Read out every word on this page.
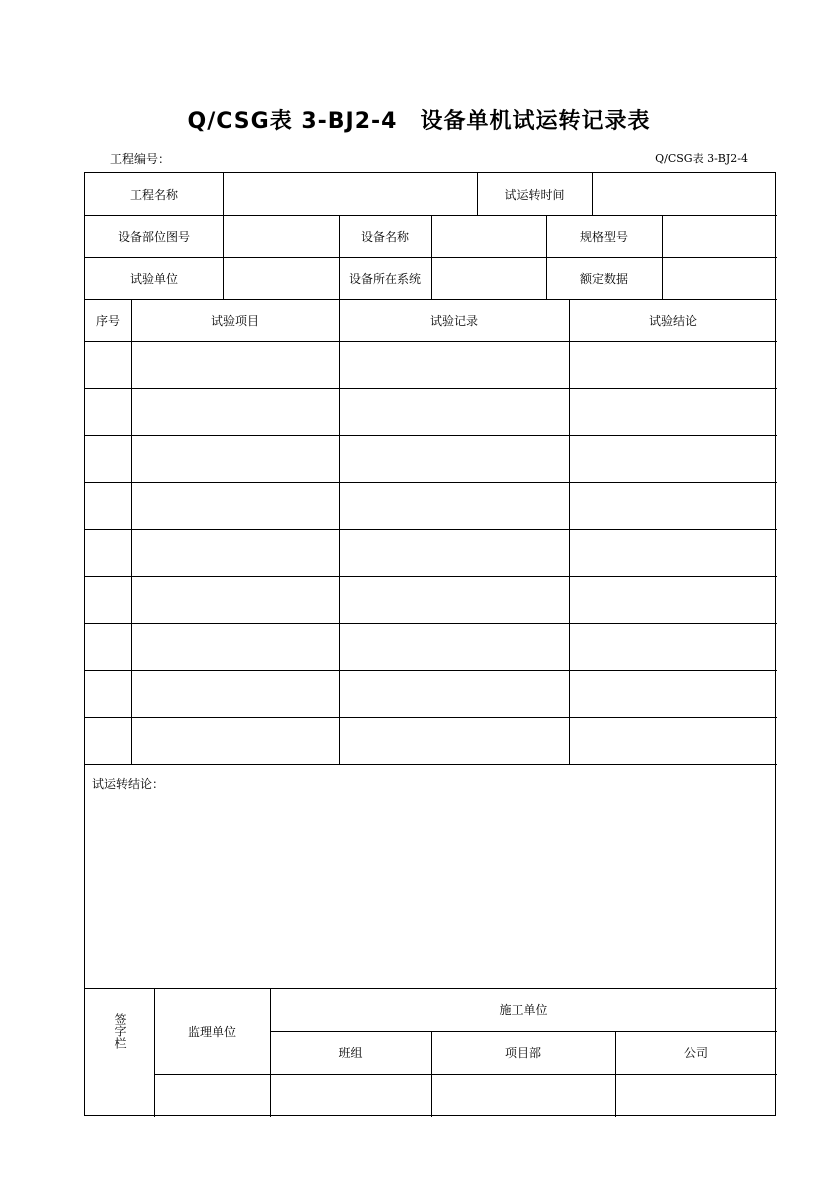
Q/CSG表 3-BJ2-4　设备单机试运转记录表
工程编号：	Q/CSG表 3-BJ2-4
工程名称	试运转时间
设备部位图号	设备名称	规格型号
试验单位	设备所在系统	额定数据
序号	试验项目	试验记录	试验结论
试运转结论：
签字栏	监理单位
施工单位
班组	项目部	公司
